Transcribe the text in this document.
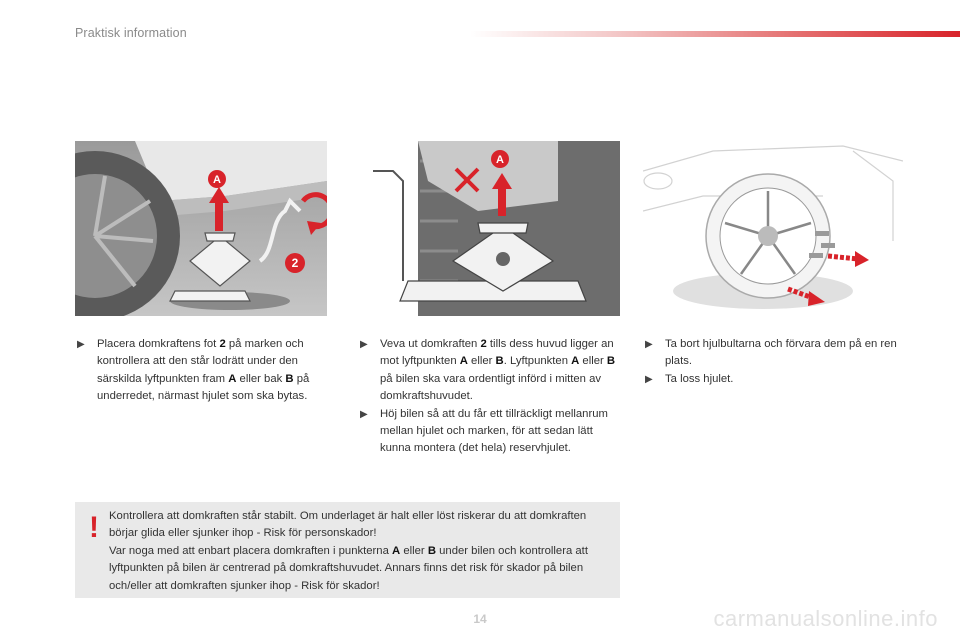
Praktisk information
A
2
A

▶ Placera domkraftens fot 2 på marken och kontrollera att den står lodrätt under den särskilda lyftpunkten fram A eller bak B på underredet, närmast hjulet som ska bytas.

▶ Veva ut domkraften 2 tills dess huvud ligger an mot lyftpunkten A eller B. Lyftpunkten A eller B på bilen ska vara ordentligt införd i mitten av domkraftshuvudet.

▶ Höj bilen så att du får ett tillräckligt mellanrum mellan hjulet och marken, för att sedan lätt kunna montera (det hela) reservhjulet.

▶ Ta bort hjulbultarna och förvara dem på en ren plats.

▶ Ta loss hjulet.

! Kontrollera att domkraften står stabilt. Om underlaget är halt eller löst riskerar du att domkraften börjar glida eller sjunker ihop - Risk för personskador!

Var noga med att enbart placera domkraften i punkterna A eller B under bilen och kontrollera att lyftpunkten på bilen är centrerad på domkraftshuvudet. Annars finns det risk för skador på bilen och/eller att domkraften sjunker ihop - Risk för skador!

14	carmanualsonline.info
